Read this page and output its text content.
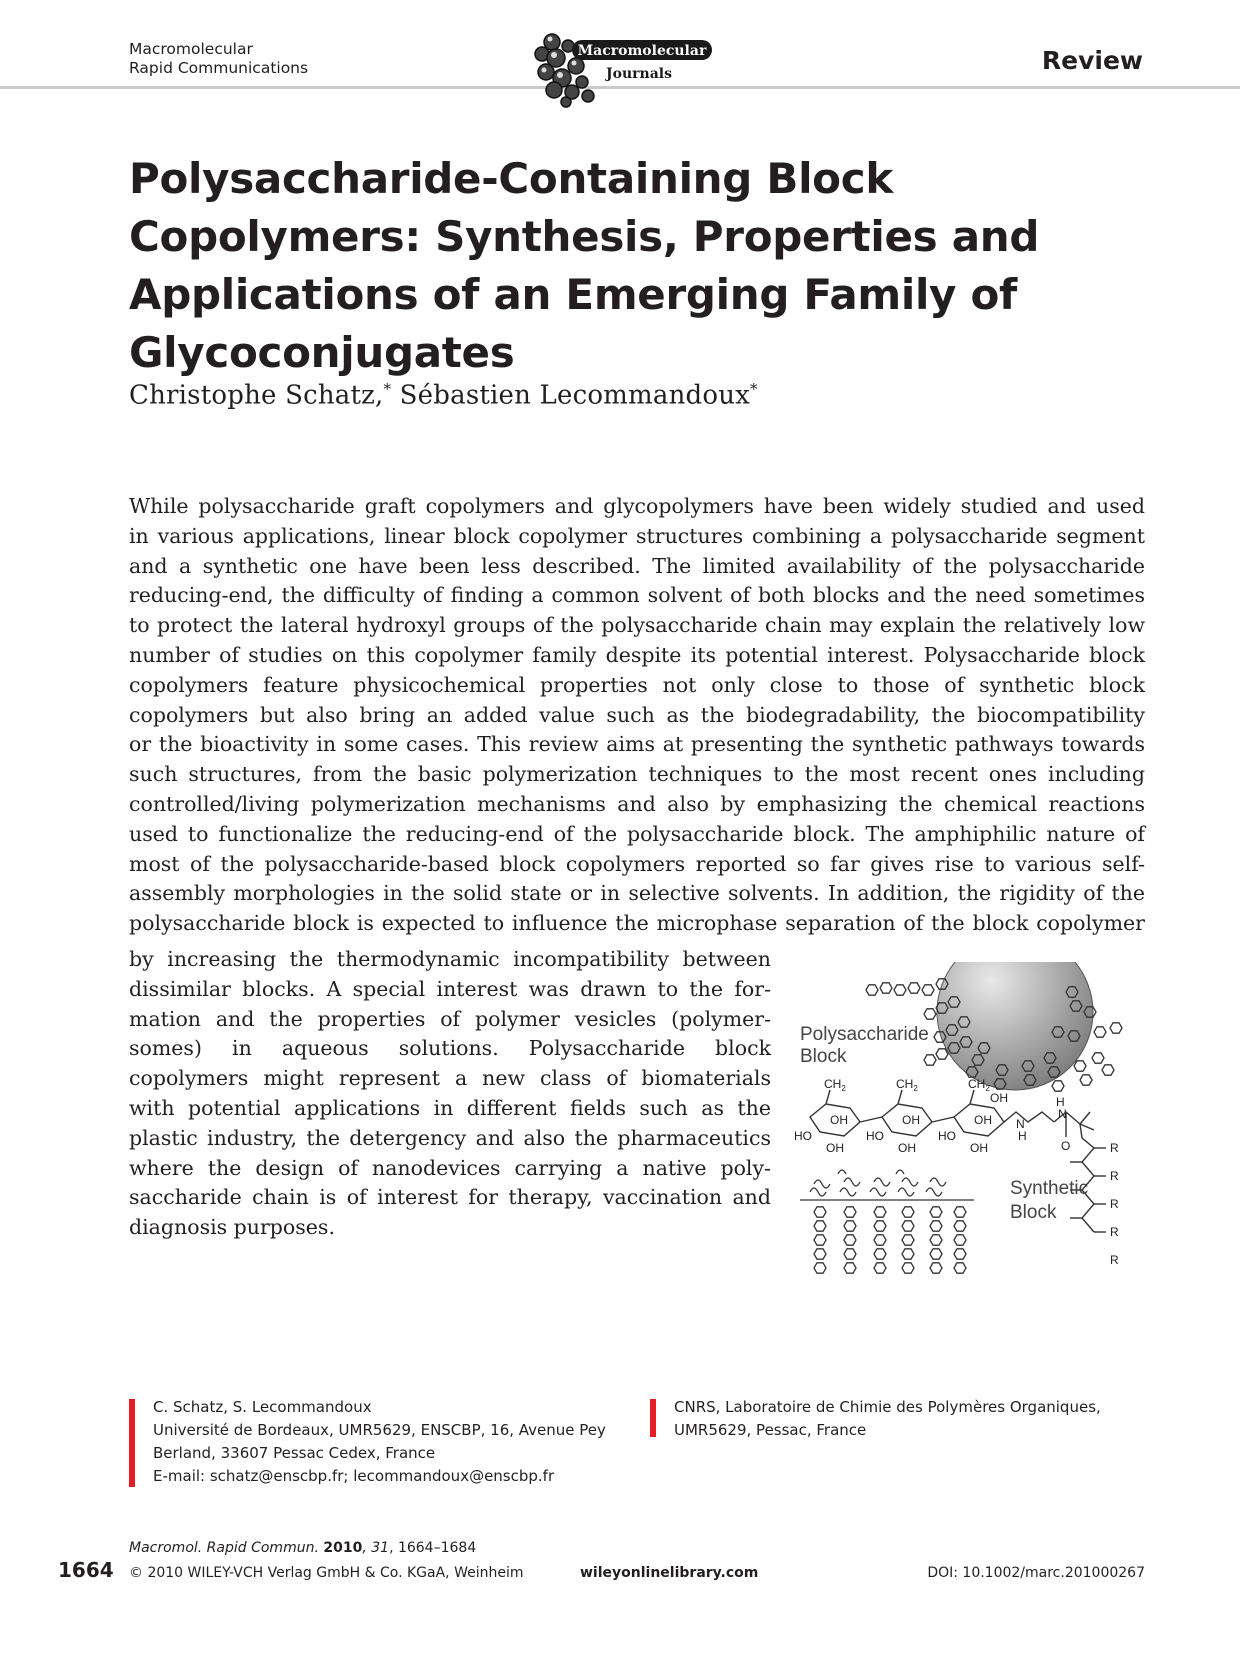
Macromolecular
Rapid Communications
Macromolecular
Journals	Review
Polysaccharide-Containing Block Copolymers: Synthesis, Properties and Applications of an Emerging Family of Glycoconjugates
Christophe Schatz,* Sébastien Lecommandoux*

While polysaccharide graft copolymers and glycopolymers have been widely studied and used

in various applications, linear block copolymer structures combining a polysaccharide segment

and a synthetic one have been less described. The limited availability of the polysaccharide

reducing-end, the difficulty of finding a common solvent of both blocks and the need sometimes

to protect the lateral hydroxyl groups of the polysaccharide chain may explain the relatively low

number of studies on this copolymer family despite its potential interest. Polysaccharide block

copolymers feature physicochemical properties not only close to those of synthetic block

copolymers but also bring an added value such as the biodegradability, the biocompatibility

or the bioactivity in some cases. This review aims at presenting the synthetic pathways towards

such structures, from the basic polymerization techniques to the most recent ones including

controlled/living polymerization mechanisms and also by emphasizing the chemical reactions

used to functionalize the reducing-end of the polysaccharide block. The amphiphilic nature of

most of the polysaccharide-based block copolymers reported so far gives rise to various self-

assembly morphologies in the solid state or in selective solvents. In addition, the rigidity of the

polysaccharide block is expected to influence the microphase separation of the block copolymer

by increasing the thermodynamic incompatibility between

dissimilar blocks. A special interest was drawn to the for-

mation and the properties of polymer vesicles (polymer-

somes) in aqueous solutions. Polysaccharide block

copolymers might represent a new class of biomaterials

with potential applications in different fields such as the

plastic industry, the detergency and also the pharmaceutics

where the design of nanodevices carrying a native poly-

saccharide chain is of interest for therapy, vaccination and

diagnosis purposes.

Polysaccharide
Block
$CH_2$	$CH_2$	$CH_2$
OH	OH	OH
HO	HO	HO
OH	OH	OH
OH
N
H
H
N
O	R
R
R
R
R
Synthetic
Block
C. Schatz, S. Lecommandoux
Université de Bordeaux, UMR5629, ENSCBP, 16, Avenue Pey
Berland, 33607 Pessac Cedex, France
E-mail: schatz@enscbp.fr; lecommandoux@enscbp.fr
CNRS, Laboratoire de Chimie des Polymères Organiques,
UMR5629, Pessac, France
Macromol. Rapid Commun. 2010, 31, 1664–1684
1664 © 2010 WILEY-VCH Verlag GmbH & Co. KGaA, Weinheim	wileyonlinelibrary.com	DOI: 10.1002/marc.201000267
